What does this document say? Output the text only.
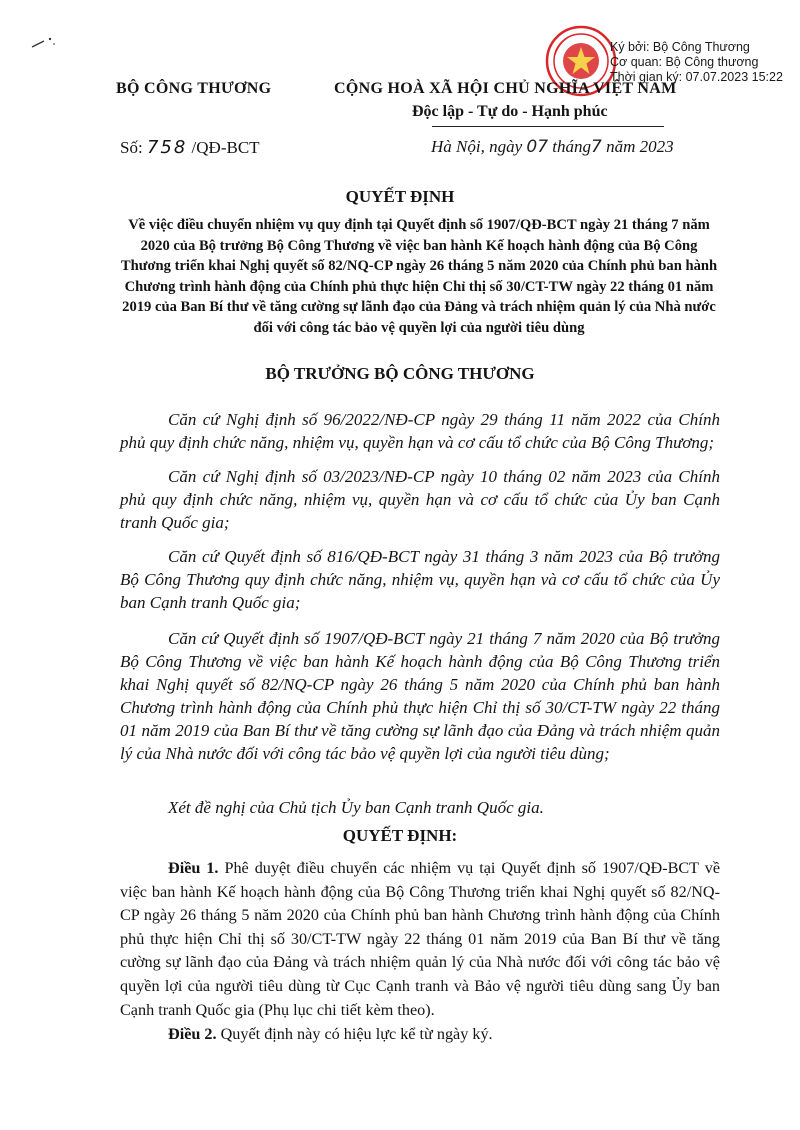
Ký bởi: Bộ Công Thương
Cơ quan: Bộ Công thương
Thời gian ký: 07.07.2023 15:22
BỘ CÔNG THƯƠNG	CỘNG HOÀ XÃ HỘI CHỦ NGHĨA VIỆT NAM
Độc lập - Tự do - Hạnh phúc
Số: 758 /QĐ-BCT	Hà Nội, ngày 07 tháng7 năm 2023
QUYẾT ĐỊNH
Về việc điều chuyển nhiệm vụ quy định tại Quyết định số 1907/QĐ-BCT ngày 21 tháng 7 năm 2020 của Bộ trưởng Bộ Công Thương về việc ban hành Kế hoạch hành động của Bộ Công Thương triển khai Nghị quyết số 82/NQ-CP ngày 26 tháng 5 năm 2020 của Chính phủ ban hành Chương trình hành động của Chính phủ thực hiện Chỉ thị số 30/CT-TW ngày 22 tháng 01 năm 2019 của Ban Bí thư về tăng cường sự lãnh đạo của Đảng và trách nhiệm quản lý của Nhà nước đối với công tác bảo vệ quyền lợi của người tiêu dùng
BỘ TRƯỞNG BỘ CÔNG THƯƠNG
Căn cứ Nghị định số 96/2022/NĐ-CP ngày 29 tháng 11 năm 2022 của Chính phủ quy định chức năng, nhiệm vụ, quyền hạn và cơ cấu tổ chức của Bộ Công Thương;
Căn cứ Nghị định số 03/2023/NĐ-CP ngày 10 tháng 02 năm 2023 của Chính phủ quy định chức năng, nhiệm vụ, quyền hạn và cơ cấu tổ chức của Ủy ban Cạnh tranh Quốc gia;
Căn cứ Quyết định số 816/QĐ-BCT ngày 31 tháng 3 năm 2023 của Bộ trưởng Bộ Công Thương quy định chức năng, nhiệm vụ, quyền hạn và cơ cấu tổ chức của Ủy ban Cạnh tranh Quốc gia;
Căn cứ Quyết định số 1907/QĐ-BCT ngày 21 tháng 7 năm 2020 của Bộ trưởng Bộ Công Thương về việc ban hành Kế hoạch hành động của Bộ Công Thương triển khai Nghị quyết số 82/NQ-CP ngày 26 tháng 5 năm 2020 của Chính phủ ban hành Chương trình hành động của Chính phủ thực hiện Chỉ thị số 30/CT-TW ngày 22 tháng 01 năm 2019 của Ban Bí thư về tăng cường sự lãnh đạo của Đảng và trách nhiệm quản lý của Nhà nước đối với công tác bảo vệ quyền lợi của người tiêu dùng;
Xét đề nghị của Chủ tịch Ủy ban Cạnh tranh Quốc gia.
QUYẾT ĐỊNH:
Điều 1. Phê duyệt điều chuyển các nhiệm vụ tại Quyết định số 1907/QĐ-BCT về việc ban hành Kế hoạch hành động của Bộ Công Thương triển khai Nghị quyết số 82/NQ-CP ngày 26 tháng 5 năm 2020 của Chính phủ ban hành Chương trình hành động của Chính phủ thực hiện Chỉ thị số 30/CT-TW ngày 22 tháng 01 năm 2019 của Ban Bí thư về tăng cường sự lãnh đạo của Đảng và trách nhiệm quản lý của Nhà nước đối với công tác bảo vệ quyền lợi của người tiêu dùng từ Cục Cạnh tranh và Bảo vệ người tiêu dùng sang Ủy ban Cạnh tranh Quốc gia (Phụ lục chi tiết kèm theo).
Điều 2. Quyết định này có hiệu lực kể từ ngày ký.
